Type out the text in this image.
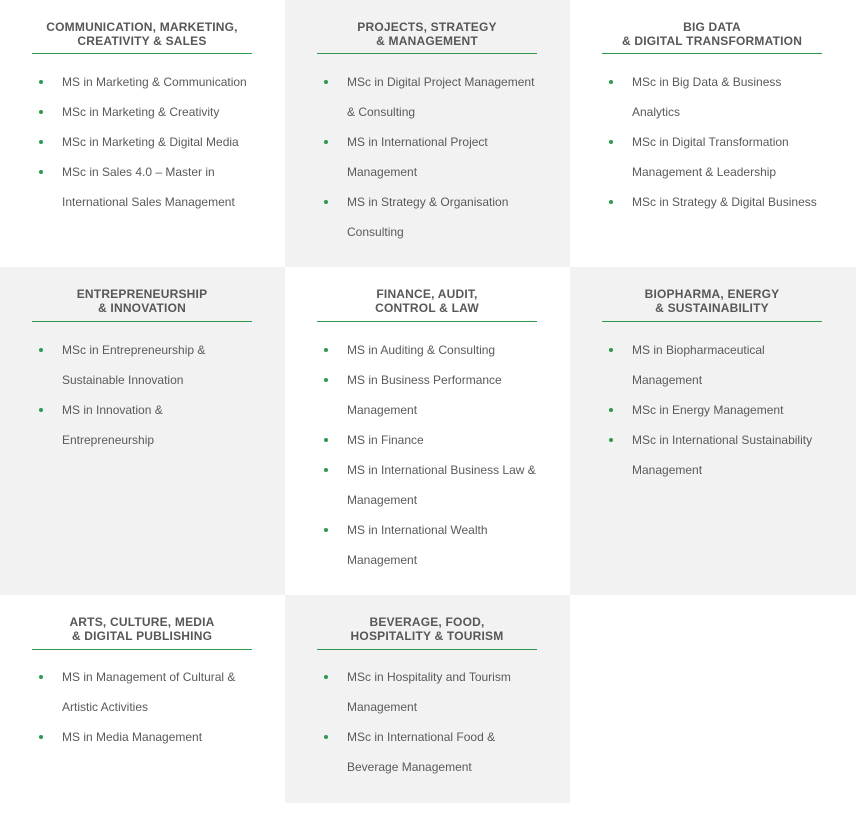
COMMUNICATION, MARKETING,
CREATIVITY & SALES
MS in Marketing & Communication
MSc in Marketing & Creativity
MSc in Marketing & Digital Media
MSc in Sales 4.0 – Master in International Sales Management
PROJECTS, STRATEGY
& MANAGEMENT
MSc in Digital Project Management & Consulting
MS in International Project Management
MS in Strategy & Organisation Consulting
BIG DATA
& DIGITAL TRANSFORMATION
MSc in Big Data & Business Analytics
MSc in Digital Transformation Management & Leadership
MSc in Strategy & Digital Business
ENTREPRENEURSHIP
& INNOVATION
MSc in Entrepreneurship & Sustainable Innovation
MS in Innovation & Entrepreneurship
FINANCE, AUDIT,
CONTROL & LAW
MS in Auditing & Consulting
MS in Business Performance Management
MS in Finance
MS in International Business Law & Management
MS in International Wealth Management
BIOPHARMA, ENERGY
& SUSTAINABILITY
MS in Biopharmaceutical Management
MSc in Energy Management
MSc in International Sustainability Management
ARTS, CULTURE, MEDIA
& DIGITAL PUBLISHING
MS in Management of Cultural & Artistic Activities
MS in Media Management
BEVERAGE, FOOD,
HOSPITALITY & TOURISM
MSc in Hospitality and Tourism Management
MSc in International Food & Beverage Management
